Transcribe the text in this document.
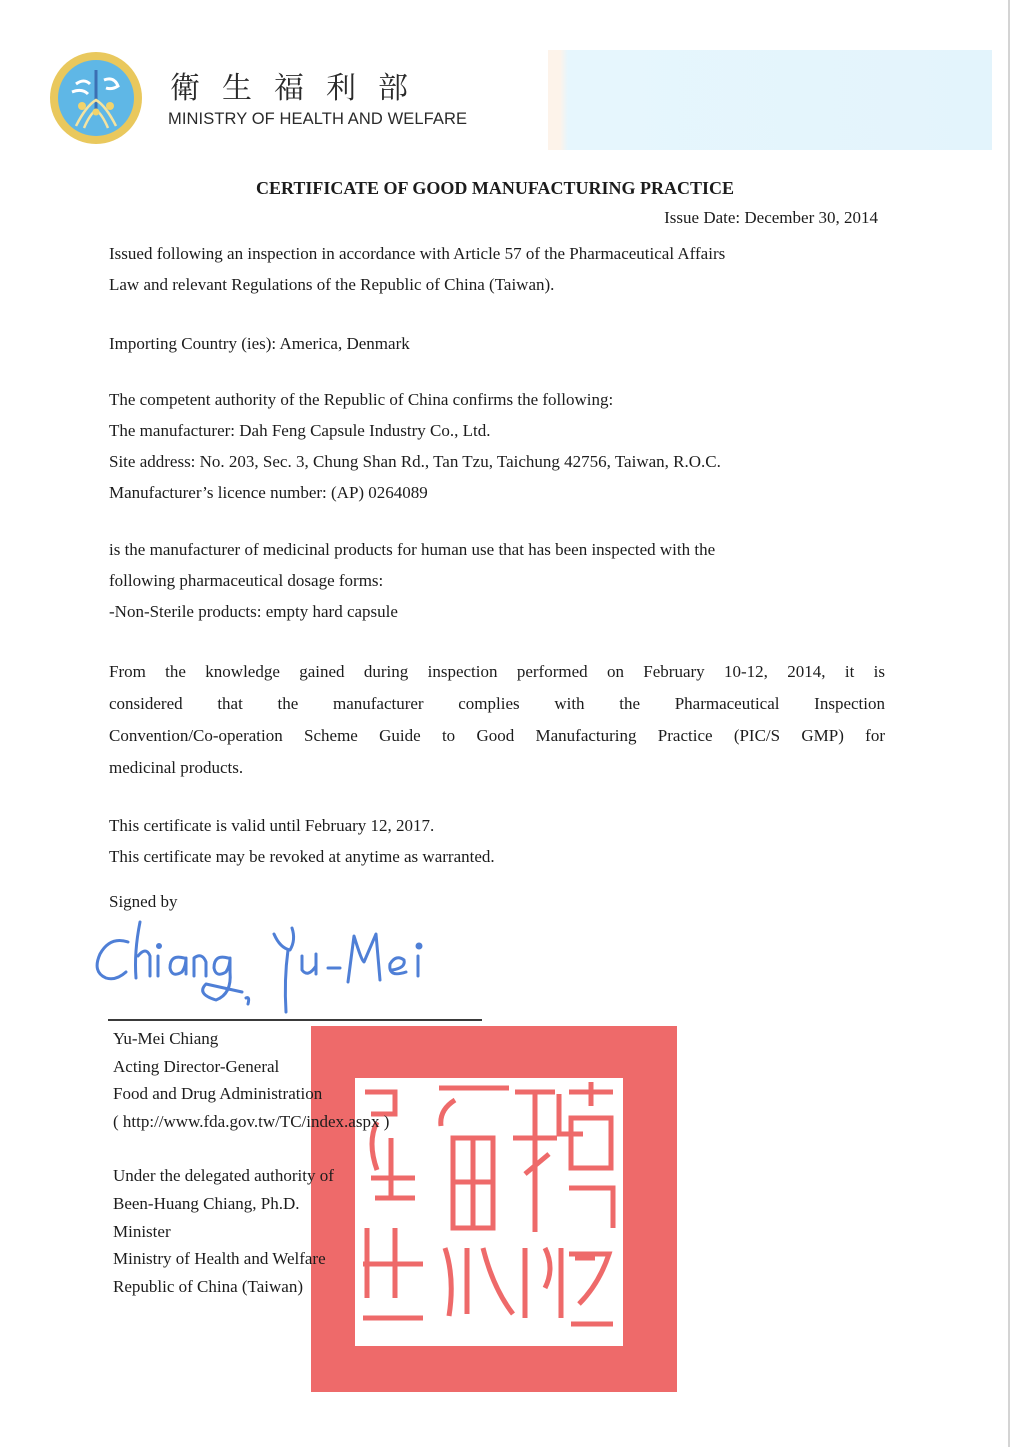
衛生福利部
MINISTRY OF HEALTH AND WELFARE
CERTIFICATE OF GOOD MANUFACTURING PRACTICE
Issue Date: December 30, 2014
Issued following an inspection in accordance with Article 57 of the Pharmaceutical Affairs
Law and relevant Regulations of the Republic of China (Taiwan).
Importing Country (ies): America, Denmark
The competent authority of the Republic of China confirms the following:
The manufacturer: Dah Feng Capsule Industry Co., Ltd.
Site address: No. 203, Sec. 3, Chung Shan Rd., Tan Tzu, Taichung 42756, Taiwan, R.O.C.
Manufacturer’s licence number: (AP) 0264089
is the manufacturer of medicinal products for human use that has been inspected with the
following pharmaceutical dosage forms:
-Non-Sterile products: empty hard capsule
From the knowledge gained during inspection performed on February 10-12, 2014, it is
considered that the manufacturer complies with the Pharmaceutical Inspection
Convention/Co-operation Scheme Guide to Good Manufacturing Practice (PIC/S GMP) for
medicinal products.
This certificate is valid until February 12, 2017.
This certificate may be revoked at anytime as warranted.
Signed by
Yu-Mei Chiang
Acting Director-General
Food and Drug Administration
( http://www.fda.gov.tw/TC/index.aspx )
Under the delegated authority of
Been-Huang Chiang, Ph.D.
Minister
Ministry of Health and Welfare
Republic of China (Taiwan)
